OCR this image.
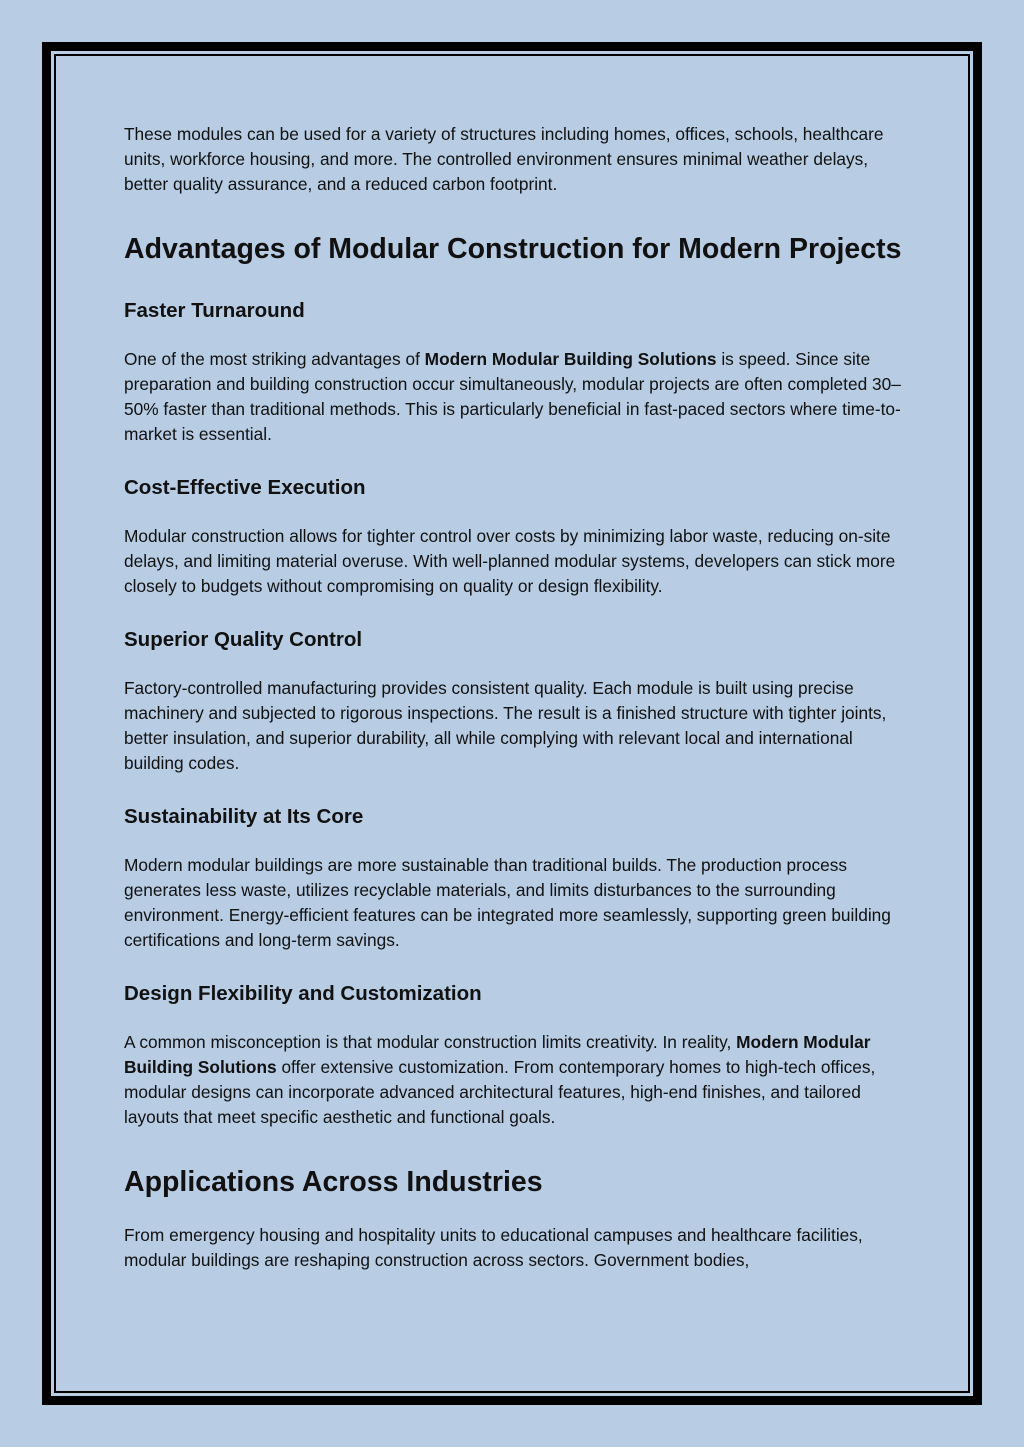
These modules can be used for a variety of structures including homes, offices, schools, healthcare units, workforce housing, and more. The controlled environment ensures minimal weather delays, better quality assurance, and a reduced carbon footprint.

Advantages of Modular Construction for Modern Projects
Faster Turnaround

One of the most striking advantages of Modern Modular Building Solutions is speed. Since site preparation and building construction occur simultaneously, modular projects are often completed 30–50% faster than traditional methods. This is particularly beneficial in fast-paced sectors where time-to-market is essential.

Cost-Effective Execution

Modular construction allows for tighter control over costs by minimizing labor waste, reducing on-site delays, and limiting material overuse. With well-planned modular systems, developers can stick more closely to budgets without compromising on quality or design flexibility.

Superior Quality Control

Factory-controlled manufacturing provides consistent quality. Each module is built using precise machinery and subjected to rigorous inspections. The result is a finished structure with tighter joints, better insulation, and superior durability, all while complying with relevant local and international building codes.

Sustainability at Its Core

Modern modular buildings are more sustainable than traditional builds. The production process generates less waste, utilizes recyclable materials, and limits disturbances to the surrounding environment. Energy-efficient features can be integrated more seamlessly, supporting green building certifications and long-term savings.

Design Flexibility and Customization

A common misconception is that modular construction limits creativity. In reality, Modern Modular Building Solutions offer extensive customization. From contemporary homes to high-tech offices, modular designs can incorporate advanced architectural features, high-end finishes, and tailored layouts that meet specific aesthetic and functional goals.

Applications Across Industries

From emergency housing and hospitality units to educational campuses and healthcare facilities, modular buildings are reshaping construction across sectors. Government bodies,
